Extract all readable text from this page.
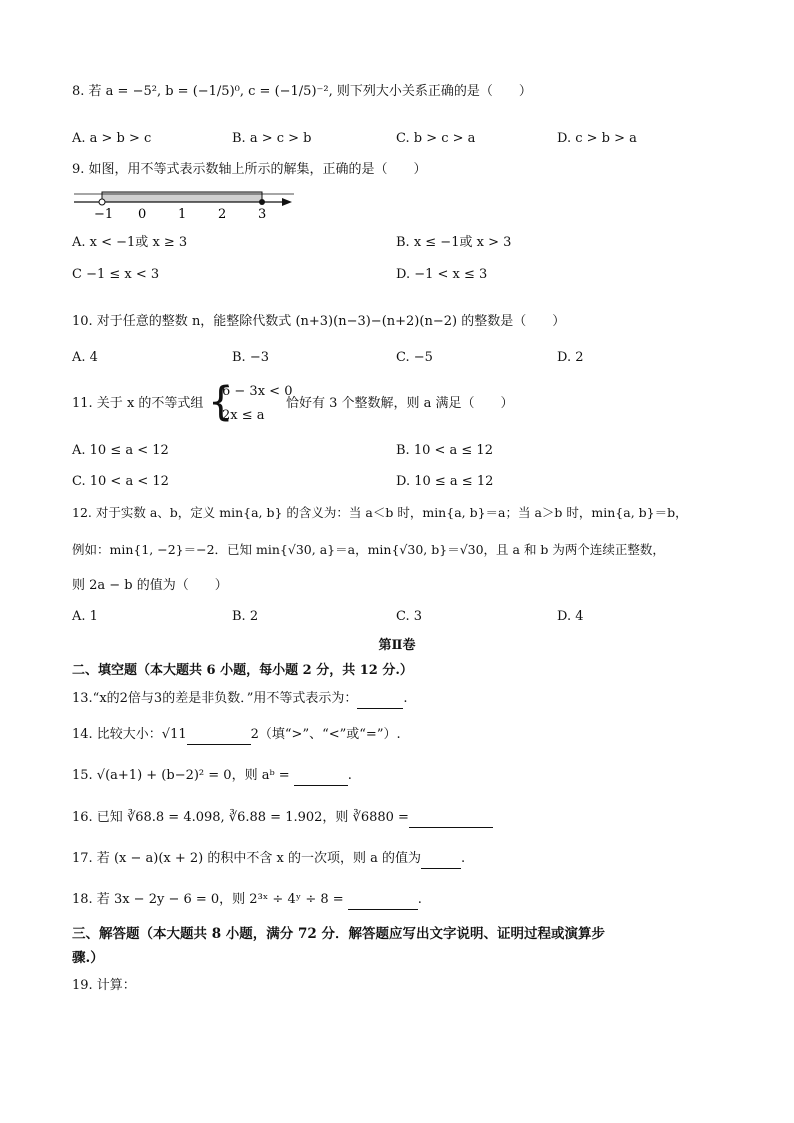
8. 若 a = −5², b = (−1/5)⁰, c = (−1/5)⁻², 则下列大小关系正确的是（　　）
A. a > b > c	B. a > c > b	C. b > c > a	D. c > b > a
9. 如图，用不等式表示数轴上所示的解集，正确的是（　　）
−1 0 1 2 3
A. x < −1或 x ≥ 3	B. x ≤ −1或 x > 3
C −1 ≤ x < 3	D. −1 < x ≤ 3
10. 对于任意的整数 n，能整除代数式 (n+3)(n−3)−(n+2)(n−2) 的整数是（　　）
A. 4	B. −3	C. −5	D. 2
11. 关于 x 的不等式组 {
6 − 3x < 0
2x ≤ a
恰好有 3 个整数解，则 a 满足（　　）
A. 10 ≤ a < 12	B. 10 < a ≤ 12
C. 10 < a < 12	D. 10 ≤ a ≤ 12
12. 对于实数 a、b，定义 min{a, b} 的含义为：当 a＜b 时，min{a, b}＝a；当 a＞b 时，min{a, b}＝b，
例如：min{1, −2}＝−2．已知 min{√30, a}＝a，min{√30, b}＝√30，且 a 和 b 为两个连续正整数，
则 2a − b 的值为（　　）
A. 1	B. 2	C. 3	D. 4
第Ⅱ卷
二、填空题（本大题共 6 小题，每小题 2 分，共 12 分.）
13.“x的2倍与3的差是非负数．”用不等式表示为：	.
14. 比较大小：√11	2（填“>”、“<”或“=”）.
15. √(a+1) + (b−2)² = 0，则 aᵇ =	.
16. 已知 ∛68.8 = 4.098, ∛6.88 = 1.902，则 ∛6880 =
17. 若 (x − a)(x + 2) 的积中不含 x 的一次项，则 a 的值为	.
18. 若 3x − 2y − 6 = 0，则 2³ˣ ÷ 4ʸ ÷ 8 =	.
三、解答题（本大题共 8 小题，满分 72 分．解答题应写出文字说明、证明过程或演算步
骤.）
19. 计算：
